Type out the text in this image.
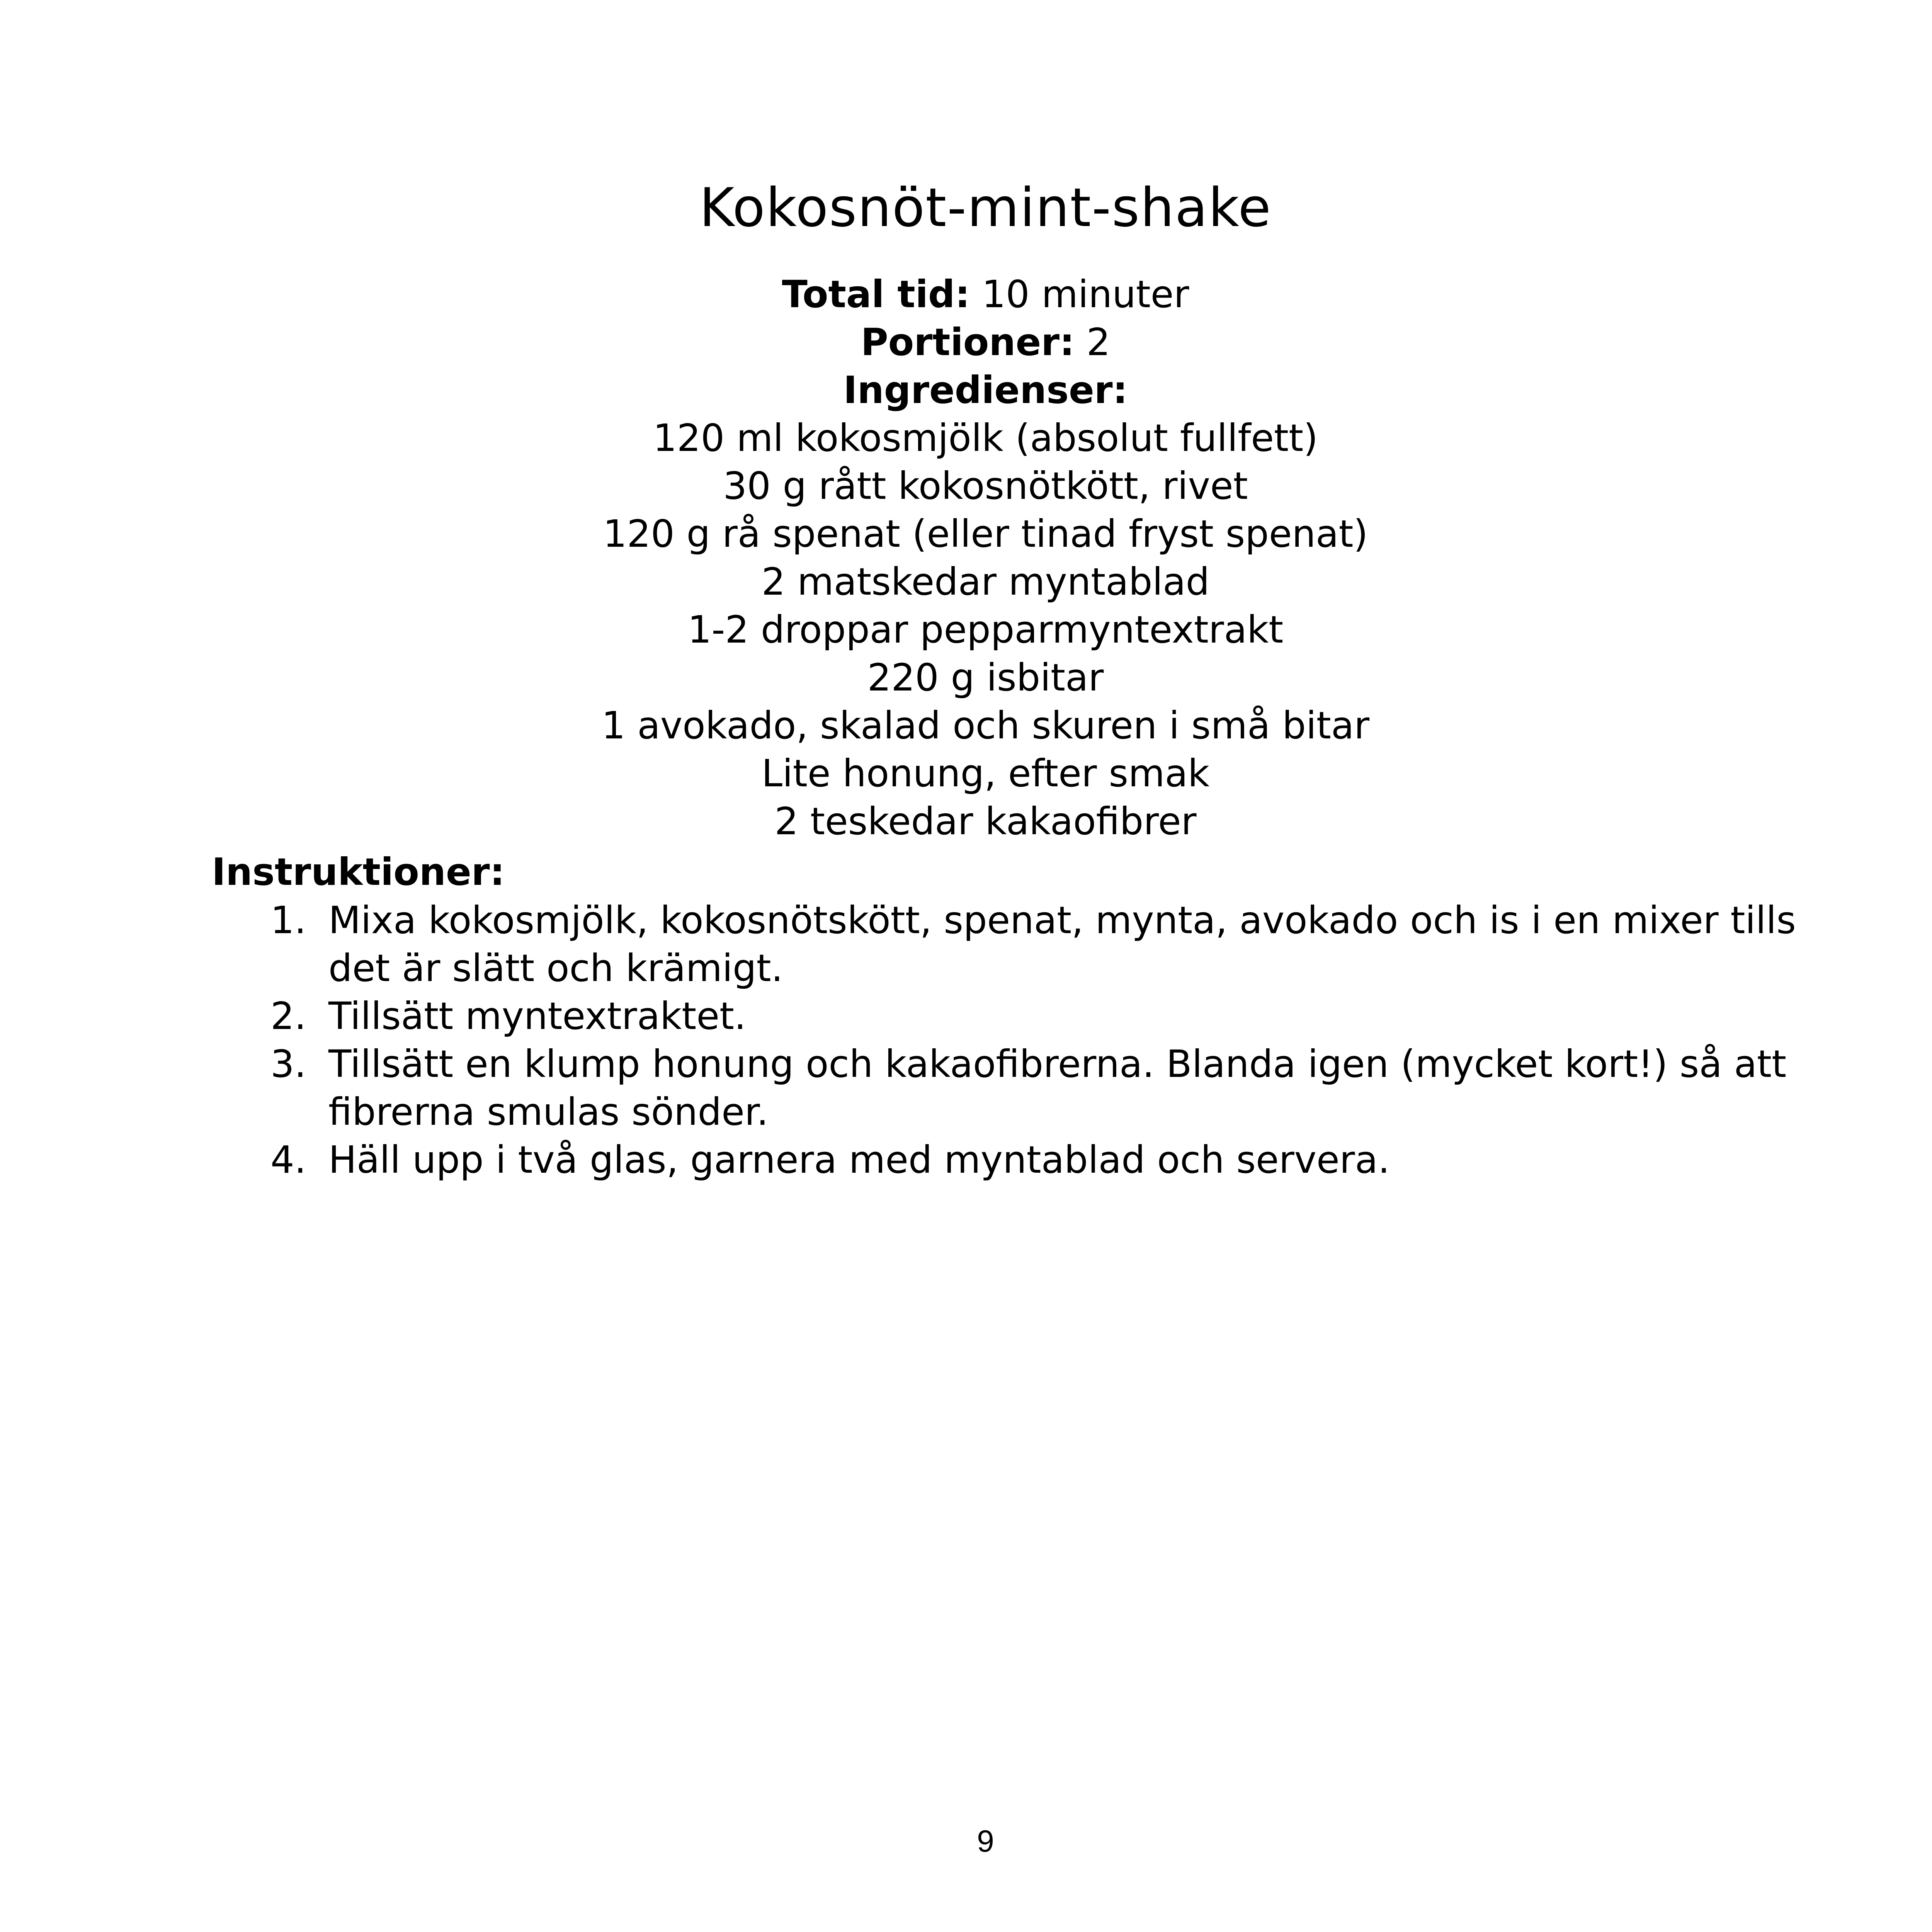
Kokosnöt-mint-shake

Total tid: 10 minuter

Portioner: 2

Ingredienser:

120 ml kokosmjölk (absolut fullfett)
30 g rått kokosnötkött, rivet
120 g rå spenat (eller tinad fryst spenat)
2 matskedar myntablad
1-2 droppar pepparmyntextrakt
220 g isbitar
1 avokado, skalad och skuren i små bitar
Lite honung, efter smak
2 teskedar kakaofibrer

Instruktioner:

1. Mixa kokosmjölk, kokosnötskött, spenat, mynta, avokado och is i en mixer tills det är slätt och krämigt.
2. Tillsätt myntextraktet.
3. Tillsätt en klump honung och kakaofibrerna. Blanda igen (mycket kort!) så att fibrerna smulas sönder.
4. Häll upp i två glas, garnera med myntablad och servera.
9
